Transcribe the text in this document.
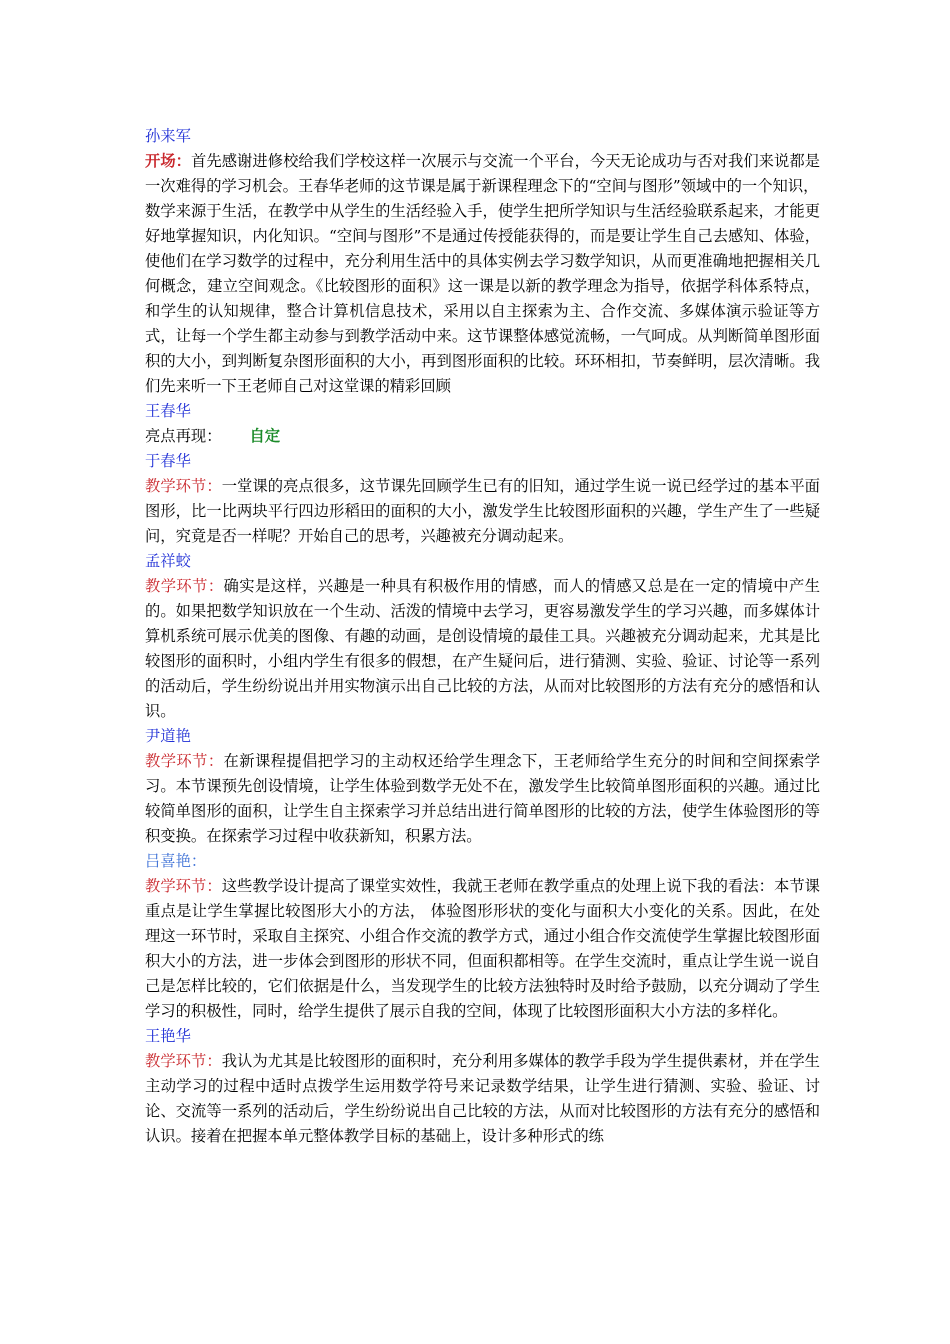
孙来军

开场：首先感谢进修校给我们学校这样一次展示与交流一个平台，今天无论成功与否对我们来说都是一次难得的学习机会。王春华老师的这节课是属于新课程理念下的“空间与图形”领域中的一个知识，

数学来源于生活，在教学中从学生的生活经验入手，使学生把所学知识与生活经验联系起来，才能更好地掌握知识，内化知识。“空间与图形”不是通过传授能获得的，而是要让学生自己去感知、体验，使他们在学习数学的过程中，充分利用生活中的具体实例去学习数学知识，从而更准确地把握相关几何概念，建立空间观念。《比较图形的面积》这一课是以新的教学理念为指导，依据学科体系特点，和学生的认知规律，整合计算机信息技术，采用以自主探索为主、合作交流、多媒体演示验证等方式，让每一个学生都主动参与到教学活动中来。这节课整体感觉流畅，一气呵成。从判断简单图形面积的大小，到判断复杂图形面积的大小，再到图形面积的比较。环环相扣，节奏鲜明，层次清晰。我们先来听一下王老师自己对这堂课的精彩回顾

王春华

亮点再现： 自定

于春华

教学环节：一堂课的亮点很多，这节课先回顾学生已有的旧知，通过学生说一说已经学过的基本平面图形，比一比两块平行四边形稻田的面积的大小，激发学生比较图形面积的兴趣，学生产生了一些疑问，究竟是否一样呢？开始自己的思考，兴趣被充分调动起来。

孟祥蛟

教学环节：确实是这样，兴趣是一种具有积极作用的情感，而人的情感又总是在一定的情境中产生的。如果把数学知识放在一个生动、活泼的情境中去学习，更容易激发学生的学习兴趣，而多媒体计算机系统可展示优美的图像、有趣的动画，是创设情境的最佳工具。兴趣被充分调动起来，尤其是比较图形的面积时，小组内学生有很多的假想，在产生疑问后，进行猜测、实验、验证、讨论等一系列的活动后，学生纷纷说出并用实物演示出自己比较的方法，从而对比较图形的方法有充分的感悟和认识。

尹道艳

教学环节：在新课程提倡把学习的主动权还给学生理念下，王老师给学生充分的时间和空间探索学习。本节课预先创设情境，让学生体验到数学无处不在，激发学生比较简单图形面积的兴趣。通过比较简单图形的面积，让学生自主探索学习并总结出进行简单图形的比较的方法，使学生体验图形的等积变换。在探索学习过程中收获新知，积累方法。

吕喜艳：

教学环节：这些教学设计提高了课堂实效性，我就王老师在教学重点的处理上说下我的看法：本节课重点是让学生掌握比较图形大小的方法， 体验图形形状的变化与面积大小变化的关系。因此，在处理这一环节时，采取自主探究、小组合作交流的教学方式，通过小组合作交流使学生掌握比较图形面积大小的方法，进一步体会到图形的形状不同，但面积都相等。在学生交流时，重点让学生说一说自己是怎样比较的，它们依据是什么，当发现学生的比较方法独特时及时给予鼓励，以充分调动了学生学习的积极性，同时，给学生提供了展示自我的空间，体现了比较图形面积大小方法的多样化。

王艳华

教学环节：我认为尤其是比较图形的面积时，充分利用多媒体的教学手段为学生提供素材，并在学生主动学习的过程中适时点拨学生运用数学符号来记录数学结果，让学生进行猜测、实验、验证、讨论、交流等一系列的活动后，学生纷纷说出自己比较的方法，从而对比较图形的方法有充分的感悟和认识。接着在把握本单元整体教学目标的基础上，设计多种形式的练
